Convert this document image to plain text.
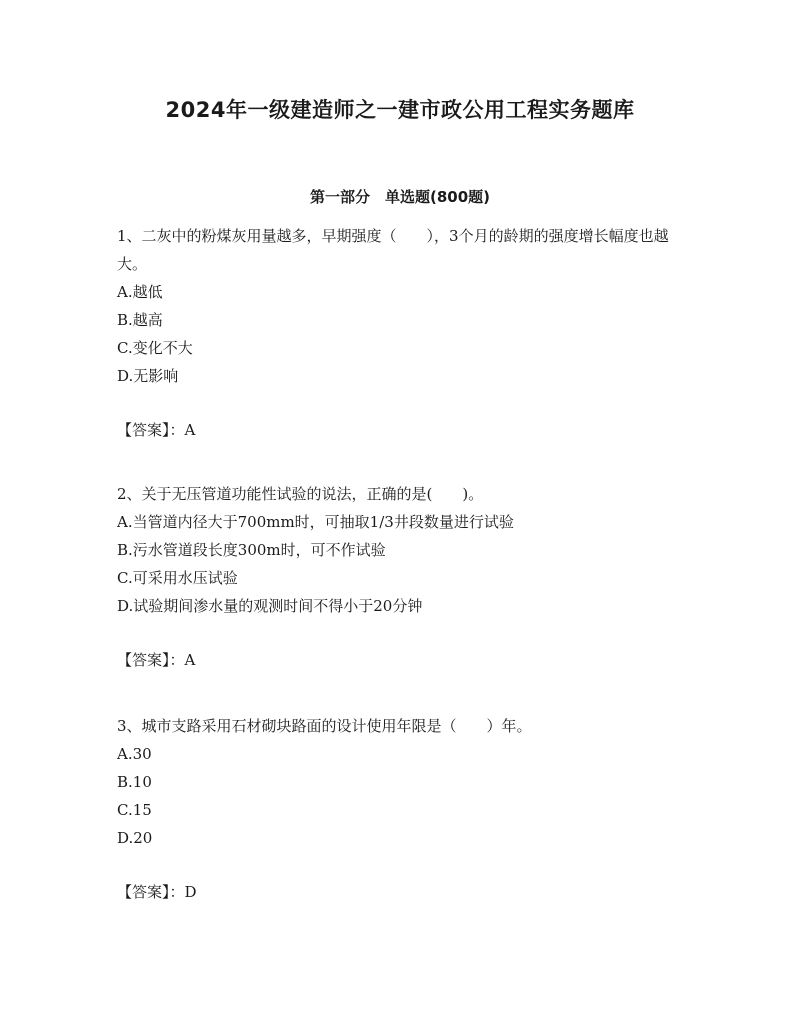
2024年一级建造师之一建市政公用工程实务题库
第一部分　单选题(800题)

1、二灰中的粉煤灰用量越多，早期强度（　　），3个月的龄期的强度增长幅度也越大。

A.越低

B.越高

C.变化不大

D.无影响

【答案】：A

2、关于无压管道功能性试验的说法，正确的是(　　)。

A.当管道内径大于700mm时，可抽取1/3井段数量进行试验

B.污水管道段长度300m时，可不作试验

C.可采用水压试验

D.试验期间渗水量的观测时间不得小于20分钟

【答案】：A

3、城市支路采用石材砌块路面的设计使用年限是（　　）年。

A.30

B.10

C.15

D.20

【答案】：D
